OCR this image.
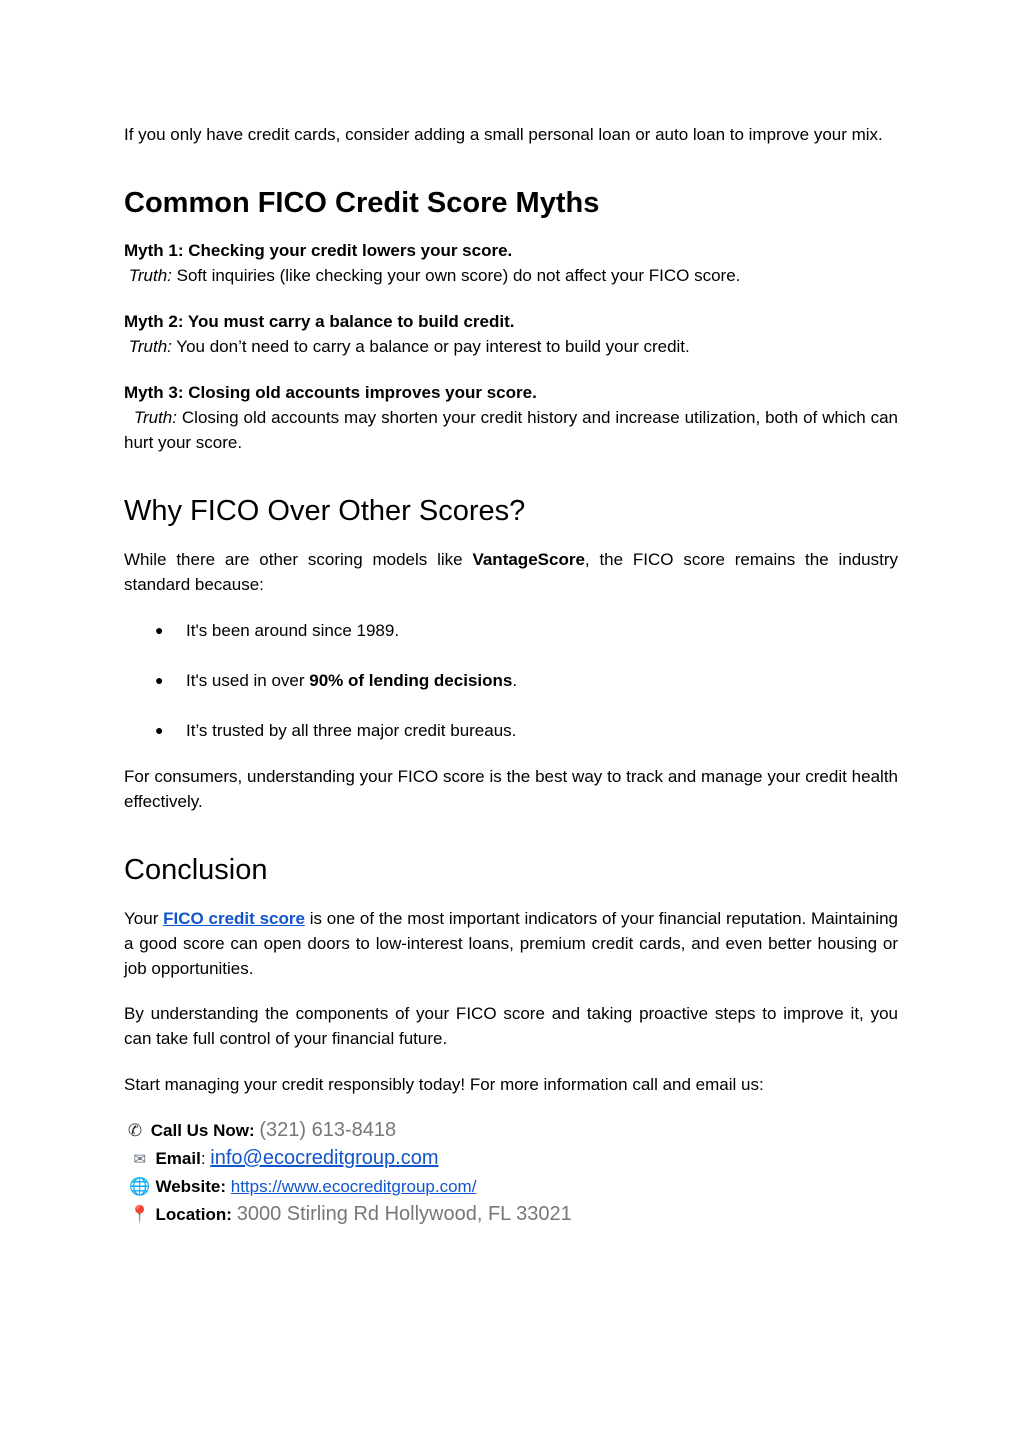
If you only have credit cards, consider adding a small personal loan or auto loan to improve your mix.

Common FICO Credit Score Myths
Myth 1: Checking your credit lowers your score.

Truth: Soft inquiries (like checking your own score) do not affect your FICO score.

Myth 2: You must carry a balance to build credit.

Truth: You don’t need to carry a balance or pay interest to build your credit.

Myth 3: Closing old accounts improves your score.

Truth: Closing old accounts may shorten your credit history and increase utilization, both of which can hurt your score.

Why FICO Over Other Scores?

While there are other scoring models like VantageScore, the FICO score remains the industry standard because:

● It's been around since 1989.
● It's used in over 90% of lending decisions.
● It’s trusted by all three major credit bureaus.

For consumers, understanding your FICO score is the best way to track and manage your credit health effectively.

Conclusion

Your FICO credit score is one of the most important indicators of your financial reputation. Maintaining a good score can open doors to low-interest loans, premium credit cards, and even better housing or job opportunities.

By understanding the components of your FICO score and taking proactive steps to improve it, you can take full control of your financial future.

Start managing your credit responsibly today! For more information call and email us:

✆ Call Us Now: (321) 613-8418
✉ Email: info@ecocreditgroup.com
🌐 Website: https://www.ecocreditgroup.com/
📍 Location: 3000 Stirling Rd Hollywood, FL 33021
